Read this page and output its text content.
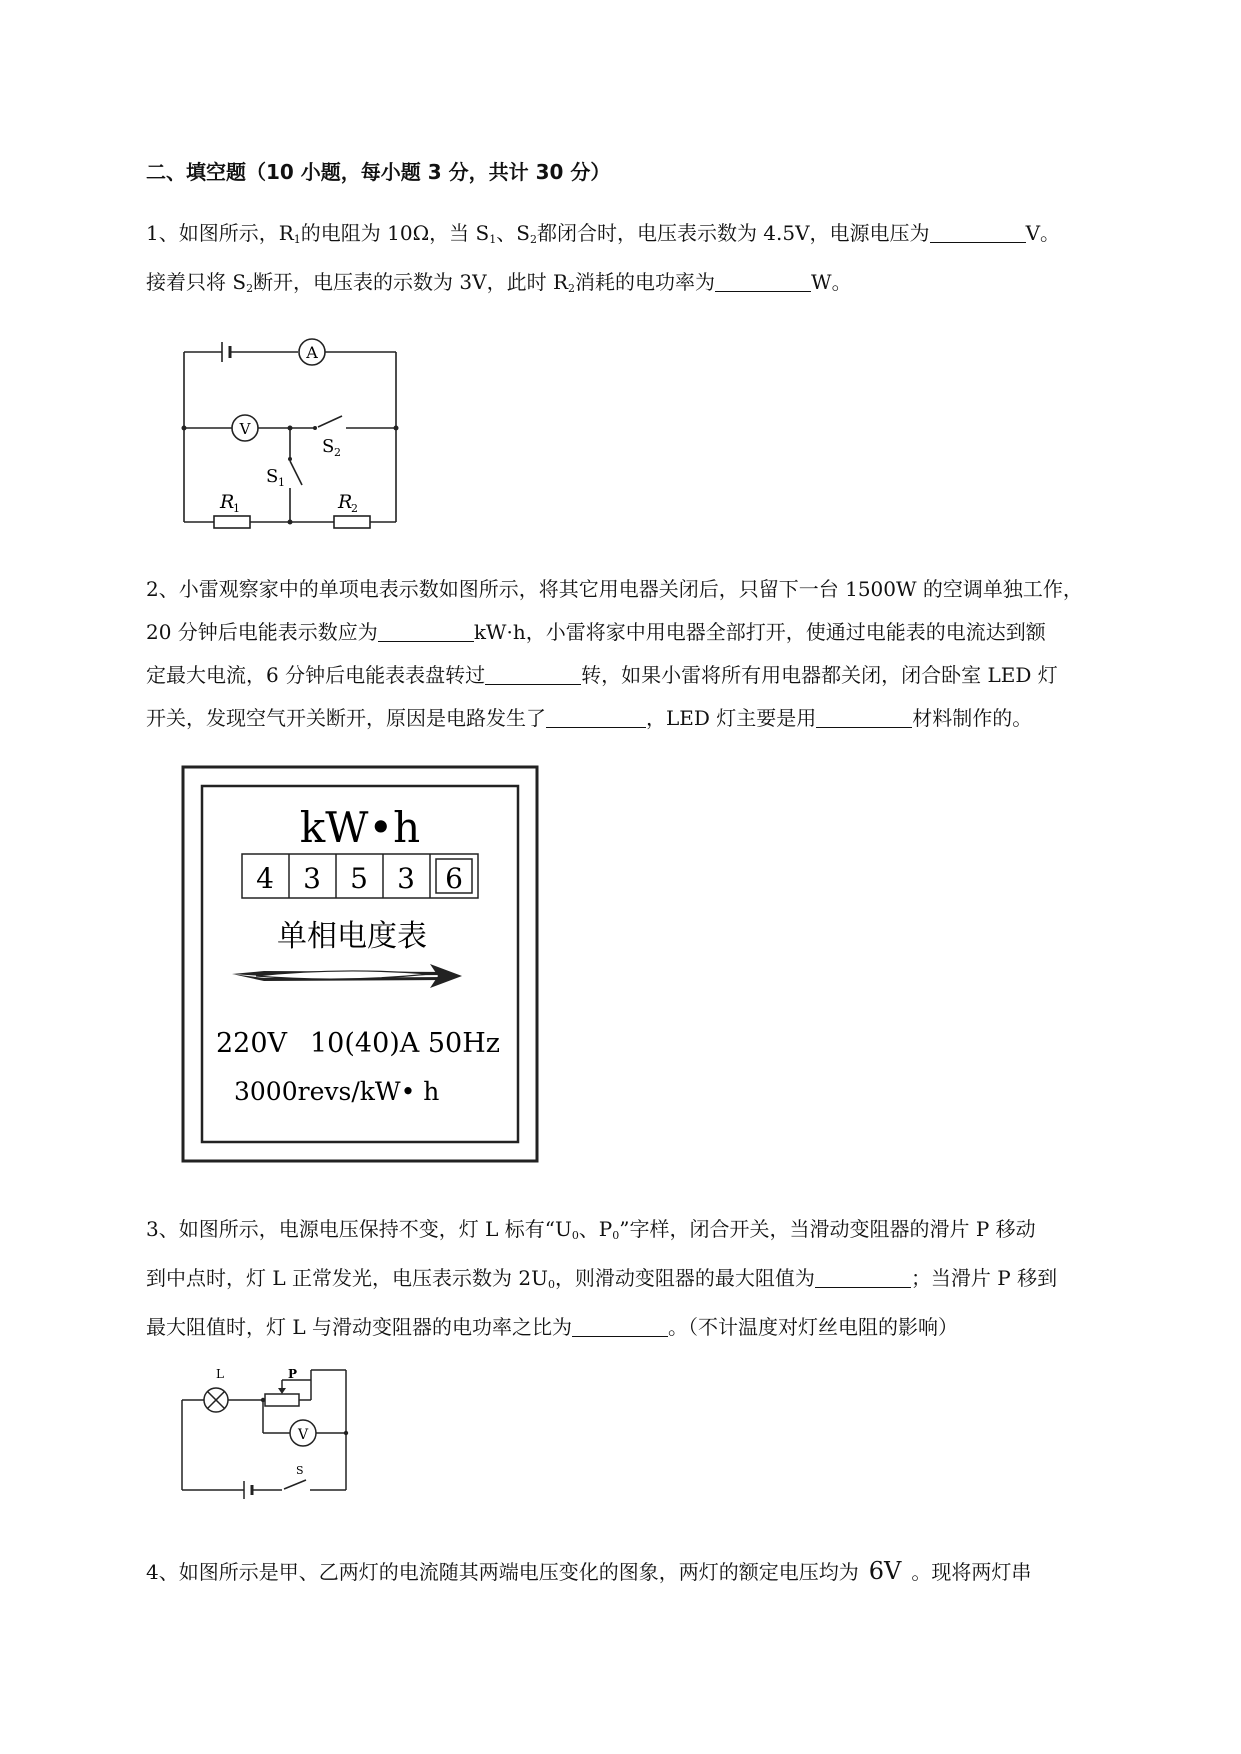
二、填空题（10 小题，每小题 3 分，共计 30 分）

1、如图所示，$R_1$的电阻为 10Ω，当 $S_1$、$S_2$都闭合时，电压表示数为 4.5V，电源电压为	V。
接着只将 $S_2$断开，电压表的示数为 3V，此时 $R_2$消耗的电功率为	W。

A
V
S 2
S 1
R
1	R
2

2、小雷观察家中的单项电表示数如图所示，将其它用电器关闭后，只留下一台 1500W 的空调单独工作，
20 分钟后电能表示数应为	kW·h，小雷将家中用电器全部打开，使通过电能表的电流达到额
定最大电流，6 分钟后电能表表盘转过	转，如果小雷将所有用电器都关闭，闭合卧室 LED 灯
开关，发现空气开关断开，原因是电路发生了	，LED 灯主要是用	材料制作的。

kW•h
4 3 5 3 6
单相电度表
220V 10(40)A 50Hz
3000revs/kW• h

3、如图所示，电源电压保持不变，灯 L 标有“$U_0$、$P_0$”字样，闭合开关，当滑动变阻器的滑片 P 移动
到中点时，灯 L 正常发光，电压表示数为 $2U_0$，则滑动变阻器的最大阻值为	；当滑片 P 移到
最大阻值时，灯 L 与滑动变阻器的电功率之比为	。（不计温度对灯丝电阻的影响）

L	P
V
S

4、如图所示是甲、乙两灯的电流随其两端电压变化的图象，两灯的额定电压均为 6V 。现将两灯串
